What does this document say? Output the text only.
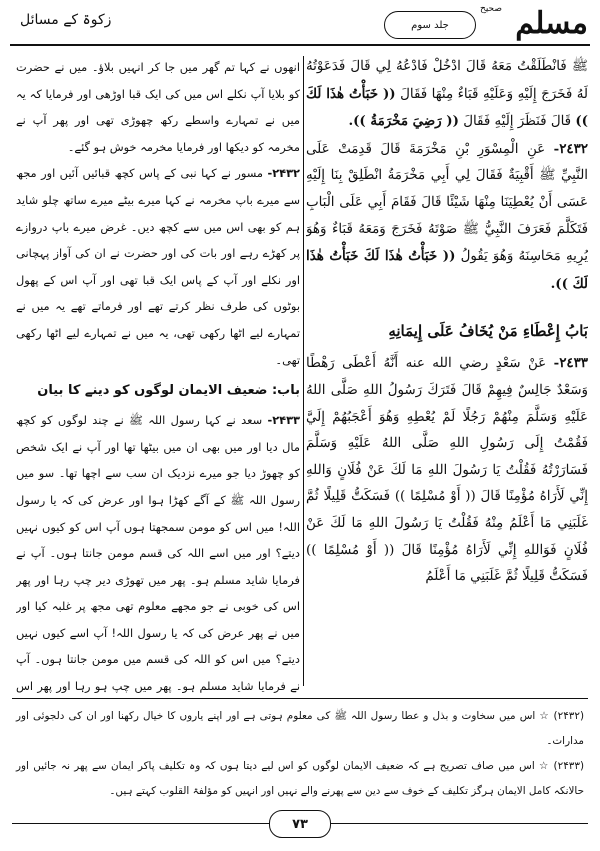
صحیح مسلم
جلد سوم
زکوۃ کے مسائل

ﷺ فَانْطَلَقْتُ مَعَهُ قَالَ ادْخُلْ فَادْعُهُ لِي قَالَ فَدَعَوْتُهُ لَهُ فَخَرَجَ إِلَيْهِ وَعَلَيْهِ قَبَاءٌ مِنْهَا فَقَالَ (( خَبَأْتُ هٰذَا لَكَ )) قَالَ فَنَظَرَ إِلَيْهِ فَقَالَ (( رَضِيَ مَخْرَمَةُ )).

٢٤٣٢- عَنِ الْمِسْوَرِ بْنِ مَخْرَمَةَ قَالَ قَدِمَتْ عَلَى النَّبِيِّ ﷺ أَقْبِيَةٌ فَقَالَ لِي أَبِي مَخْرَمَةُ انْطَلِقْ بِنَا إِلَيْهِ عَسَى أَنْ يُعْطِيَنَا مِنْهَا شَيْئًا قَالَ فَقَامَ أَبِي عَلَى الْبَابِ فَتَكَلَّمَ فَعَرَفَ النَّبِيُّ ﷺ صَوْتَهُ فَخَرَجَ وَمَعَهُ قَبَاءٌ وَهُوَ يُرِيهِ مَحَاسِنَهُ وَهُوَ يَقُولُ (( خَبَأْتُ هٰذَا لَكَ خَبَأْتُ هٰذَا لَكَ )).

بَابُ إِعْطَاءِ مَنْ يُخَافُ عَلَى إِيمَانِهِ

٢٤٣٣- عَنْ سَعْدٍ رضي الله عنه أَنَّهُ أَعْطَى رَهْطًا وَسَعْدٌ جَالِسٌ فِيهِمْ قَالَ فَتَرَكَ رَسُولُ اللهِ صَلَّى اللهُ عَلَيْهِ وَسَلَّمَ مِنْهُمْ رَجُلًا لَمْ يُعْطِهِ وَهُوَ أَعْجَبُهُمْ إِلَيَّ فَقُمْتُ إِلَى رَسُولِ اللهِ صَلَّى اللهُ عَلَيْهِ وَسَلَّمَ فَسَارَرْتُهُ فَقُلْتُ يَا رَسُولَ اللهِ مَا لَكَ عَنْ فُلَانٍ وَاللهِ إِنِّي لَأَرَاهُ مُؤْمِنًا قَالَ (( أَوْ مُسْلِمًا )) فَسَكَتُّ قَلِيلًا ثُمَّ غَلَبَنِي مَا أَعْلَمُ مِنْهُ فَقُلْتُ يَا رَسُولَ اللهِ مَا لَكَ عَنْ فُلَانٍ فَوَاللهِ إِنِّي لَأَرَاهُ مُؤْمِنًا قَالَ (( أَوْ مُسْلِمًا )) فَسَكَتُّ قَلِيلًا ثُمَّ غَلَبَنِي مَا أَعْلَمُ

انھوں نے کہا تم گھر میں جا کر انہیں بلاؤ۔ میں نے حضرت کو بلایا آپ نکلے اس میں کی ایک قبا اوڑھی اور فرمایا کہ یہ میں نے تمہارے واسطے رکھ چھوڑی تھی اور پھر آپ نے مخرمہ کو دیکھا اور فرمایا مخرمہ خوش ہو گئے۔

۲۴۳۲- مسور نے کہا نبی کے پاس کچھ قبائیں آئیں اور مجھ سے میرے باپ مخرمہ نے کہا میرے بیٹے میرے ساتھ چلو شاید ہم کو بھی اس میں سے کچھ دیں۔ غرض میرے باپ دروازے پر کھڑے رہے اور بات کی اور حضرت نے ان کی آواز پہچانی اور نکلے اور آپ کے پاس ایک قبا تھی اور آپ اس کے پھول بوٹوں کی طرف نظر کرتے تھے اور فرماتے تھے یہ میں نے تمہارے لیے اٹھا رکھی تھی، یہ میں نے تمہارے لیے اٹھا رکھی تھی۔

باب: ضعیف الایمان لوگوں کو دینے کا بیان

۲۴۳۳- سعد نے کہا رسول اللہ ﷺ نے چند لوگوں کو کچھ مال دیا اور میں بھی ان میں بیٹھا تھا اور آپ نے ایک شخص کو چھوڑ دیا جو میرے نزدیک ان سب سے اچھا تھا۔ سو میں رسول اللہ ﷺ کے آگے کھڑا ہوا اور عرض کی کہ یا رسول اللہ! میں اس کو مومن سمجھتا ہوں آپ اس کو کیوں نہیں دیتے؟ اور میں اسے اللہ کی قسم مومن جانتا ہوں۔ آپ نے فرمایا شاید مسلم ہو۔ پھر میں تھوڑی دیر چپ رہا اور پھر اس کی خوبی نے جو مجھے معلوم تھی مجھ پر غلبہ کیا اور میں نے پھر عرض کی کہ یا رسول اللہ! آپ اسے کیوں نہیں دیتے؟ میں اس کو اللہ کی قسم میں مومن جانتا ہوں۔ آپ نے فرمایا شاید مسلم ہو۔ پھر میں چپ ہو رہا اور پھر اس

(۲۴۳۲) ☆ اس میں سخاوت و بذل و عطا رسول اللہ ﷺ کی معلوم ہوتی ہے اور اپنے یاروں کا خیال رکھنا اور ان کی دلجوئی اور مدارات۔

(۲۴۳۳) ☆ اس میں صاف تصریح ہے کہ ضعیف الایمان لوگوں کو اس لیے دیتا ہوں کہ وہ تکلیف پاکر ایمان سے پھر نہ جائیں اور حالانکہ کامل الایمان ہرگز تکلیف کے خوف سے دین سے پھرنے والے نہیں اور انہیں کو مؤلفۃ القلوب کہتے ہیں۔

۷۳
